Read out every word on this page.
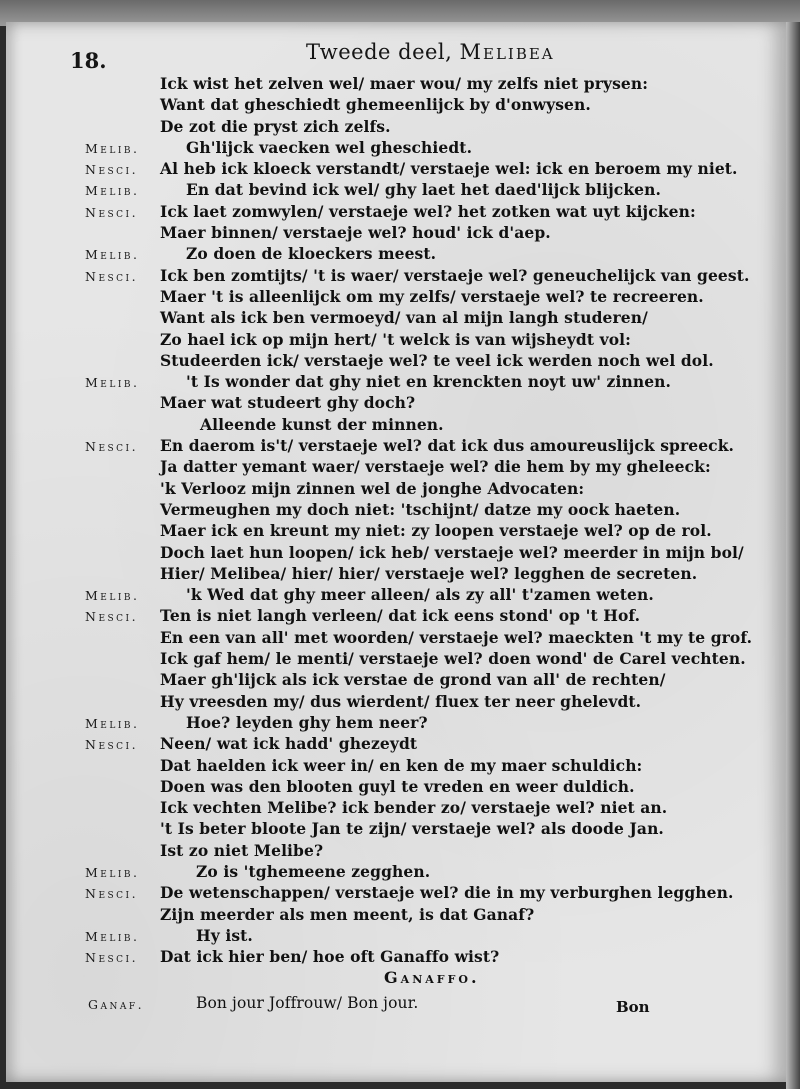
18.	Tweede deel, Melibea
Ick wist het zelven wel/ maer wou/ my zelfs niet prysen:
Want dat gheschiedt ghemeenlijck by d'onwysen.
De zot die pryst zich zelfs.
Melib.	Gh'lijck vaecken wel gheschiedt.
Nesci. Al heb ick kloeck verstandt/ verstaeje wel: ick en beroem my niet.
Melib.	En dat bevind ick wel/ ghy laet het daed'lijck blijcken.
Nesci. Ick laet zomwylen/ verstaeje wel? het zotken wat uyt kijcken:
Maer binnen/ verstaeje wel? houd' ick d'aep.
Melib.	Zo doen de kloeckers meest.
Nesci. Ick ben zomtijts/ 't is waer/ verstaeje wel? geneuchelijck van geest.
Maer 't is alleenlijck om my zelfs/ verstaeje wel? te recreeren.
Want als ick ben vermoeyd/ van al mijn langh studeren/
Zo hael ick op mijn hert/ 't welck is van wijsheydt vol:
Studeerden ick/ verstaeje wel? te veel ick werden noch wel dol.
Melib.	't Is wonder dat ghy niet en krenckten noyt uw' zinnen.
Maer wat studeert ghy doch?
Alleende kunst der minnen.
Nesci. En daerom is't/ verstaeje wel? dat ick dus amoureuslijck spreeck.
Ja datter yemant waer/ verstaeje wel? die hem by my gheleeck:
'k Verlooz mijn zinnen wel de jonghe Advocaten:
Vermeughen my doch niet: 'tschijnt/ datze my oock haeten.
Maer ick en kreunt my niet: zy loopen verstaeje wel? op de rol.
Doch laet hun loopen/ ick heb/ verstaeje wel? meerder in mijn bol/
Hier/ Melibea/ hier/ hier/ verstaeje wel? legghen de secreten.
Melib.	'k Wed dat ghy meer alleen/ als zy all' t'zamen weten.
Nesci. Ten is niet langh verleen/ dat ick eens stond' op 't Hof.
En een van all' met woorden/ verstaeje wel? maeckten 't my te grof.
Ick gaf hem/ le menti/ verstaeje wel? doen wond' de Carel vechten.
Maer gh'lijck als ick verstae de grond van all' de rechten/
Hy vreesden my/ dus wierdent/ fluex ter neer ghelevdt.
Melib.	Hoe? leyden ghy hem neer?
Nesci. Neen/ wat ick hadd' ghezeydt
Dat haelden ick weer in/ en ken de my maer schuldich:
Doen was den blooten guyl te vreden en weer duldich.
Ick vechten Melibe? ick bender zo/ verstaeje wel? niet an.
't Is beter bloote Jan te zijn/ verstaeje wel? als doode Jan.
Ist zo niet Melibe?
Melib.	Zo is 'tghemeene zegghen.
Nesci. De wetenschappen/ verstaeje wel? die in my verburghen legghen.
Zijn meerder als men meent, is dat Ganaf?
Melib.	Hy ist.
Nesci. Dat ick hier ben/ hoe oft Ganaffo wist?
Ganaffo.
Ganaf.	Bon jour Joffrouw/ Bon jour.	Bon
